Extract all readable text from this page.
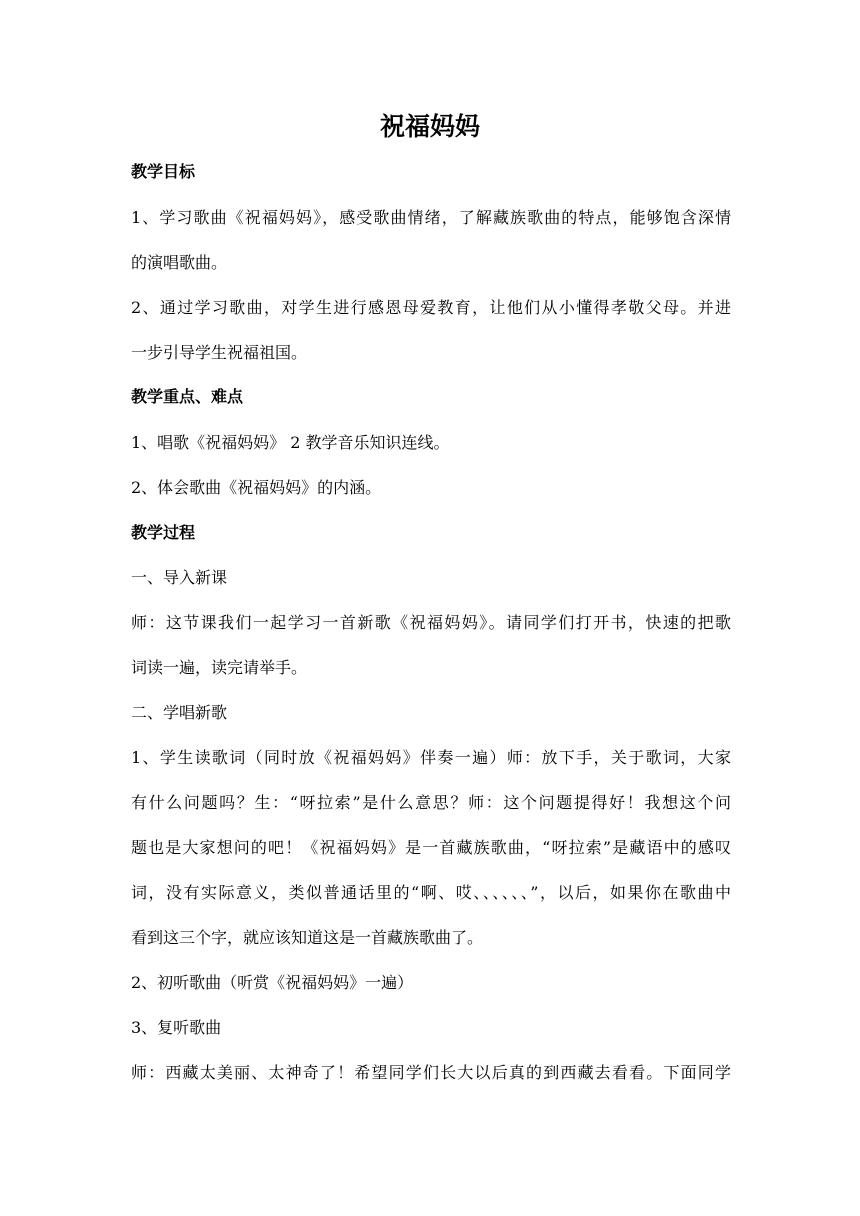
祝福妈妈
教学目标
1、学习歌曲《祝福妈妈》，感受歌曲情绪，了解藏族歌曲的特点，能够饱含深情
的演唱歌曲。
2、通过学习歌曲，对学生进行感恩母爱教育，让他们从小懂得孝敬父母。并进
一步引导学生祝福祖国。
教学重点、难点
1、唱歌《祝福妈妈》 2 教学音乐知识连线。
2、体会歌曲《祝福妈妈》的内涵。
教学过程
一、导入新课
师：这节课我们一起学习一首新歌《祝福妈妈》。请同学们打开书，快速的把歌
词读一遍，读完请举手。
二、学唱新歌
1、学生读歌词（同时放《祝福妈妈》伴奏一遍）师：放下手，关于歌词，大家
有什么问题吗？生：“呀拉索”是什么意思？师：这个问题提得好！我想这个问
题也是大家想问的吧！《祝福妈妈》是一首藏族歌曲，“呀拉索”是藏语中的感叹
词，没有实际意义，类似普通话里的“啊、哎、、、、、、”，以后，如果你在歌曲中
看到这三个字，就应该知道这是一首藏族歌曲了。
2、初听歌曲（听赏《祝福妈妈》一遍）
3、复听歌曲
师：西藏太美丽、太神奇了！希望同学们长大以后真的到西藏去看看。下面同学
